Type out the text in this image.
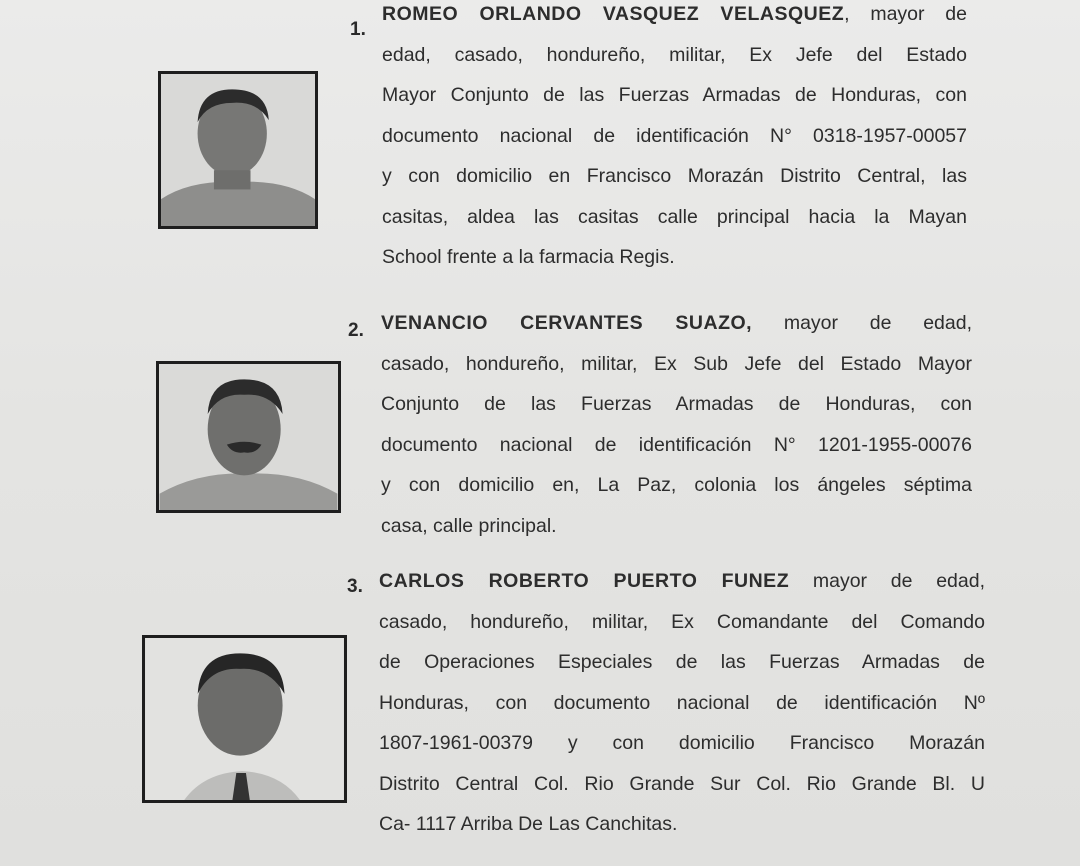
1.
ROMEO ORLANDO VASQUEZ VELASQUEZ, mayor de
edad, casado, hondureño, militar, Ex Jefe del Estado
Mayor Conjunto de las Fuerzas Armadas de Honduras, con
documento nacional de identificación N° 0318-1957-00057
y con domicilio en Francisco Morazán Distrito Central, las
casitas, aldea las casitas calle principal hacia la Mayan
School frente a la farmacia Regis.
2. VENANCIO CERVANTES SUAZO, mayor de edad,
casado, hondureño, militar, Ex Sub Jefe del Estado Mayor
Conjunto de las Fuerzas Armadas de Honduras, con
documento nacional de identificación N° 1201-1955-00076
y con domicilio en, La Paz, colonia los ángeles séptima
casa, calle principal.
3. CARLOS ROBERTO PUERTO FUNEZ mayor de edad,
casado, hondureño, militar, Ex Comandante del Comando
de Operaciones Especiales de las Fuerzas Armadas de
Honduras, con documento nacional de identificación Nº
1807-1961-00379 y con domicilio Francisco Morazán
Distrito Central Col. Rio Grande Sur Col. Rio Grande Bl. U
Ca- 1117 Arriba De Las Canchitas.
